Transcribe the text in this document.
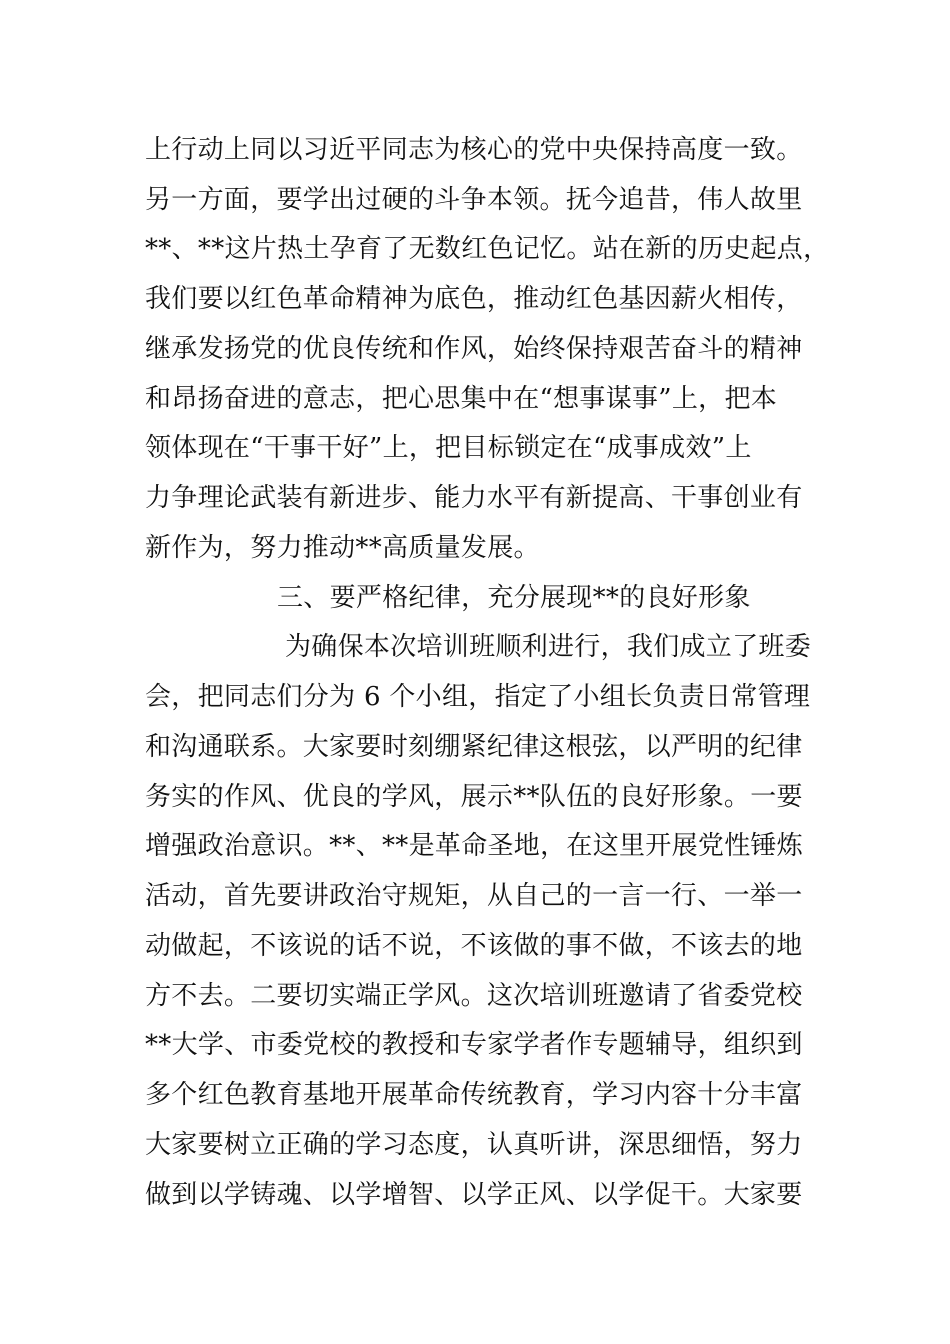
上行动上同以习近平同志为核心的党中央保持高度一致。
另一方面，要学出过硬的斗争本领。抚今追昔，伟人故里
**、**这片热土孕育了无数红色记忆。站在新的历史起点，
我们要以红色革命精神为底色，推动红色基因薪火相传，
继承发扬党的优良传统和作风，始终保持艰苦奋斗的精神
和昂扬奋进的意志，把心思集中在“想事谋事”上，把本
领体现在“干事干好”上，把目标锁定在“成事成效”上
力争理论武装有新进步、能力水平有新提高、干事创业有
新作为，努力推动**高质量发展。
三、要严格纪律，充分展现**的良好形象
为确保本次培训班顺利进行，我们成立了班委
会，把同志们分为 6 个小组，指定了小组长负责日常管理
和沟通联系。大家要时刻绷紧纪律这根弦，以严明的纪律
务实的作风、优良的学风，展示**队伍的良好形象。一要
增强政治意识。**、**是革命圣地，在这里开展党性锤炼
活动，首先要讲政治守规矩，从自己的一言一行、一举一
动做起，不该说的话不说，不该做的事不做，不该去的地
方不去。二要切实端正学风。这次培训班邀请了省委党校
**大学、市委党校的教授和专家学者作专题辅导，组织到
多个红色教育基地开展革命传统教育，学习内容十分丰富
大家要树立正确的学习态度，认真听讲，深思细悟，努力
做到以学铸魂、以学增智、以学正风、以学促干。大家要
